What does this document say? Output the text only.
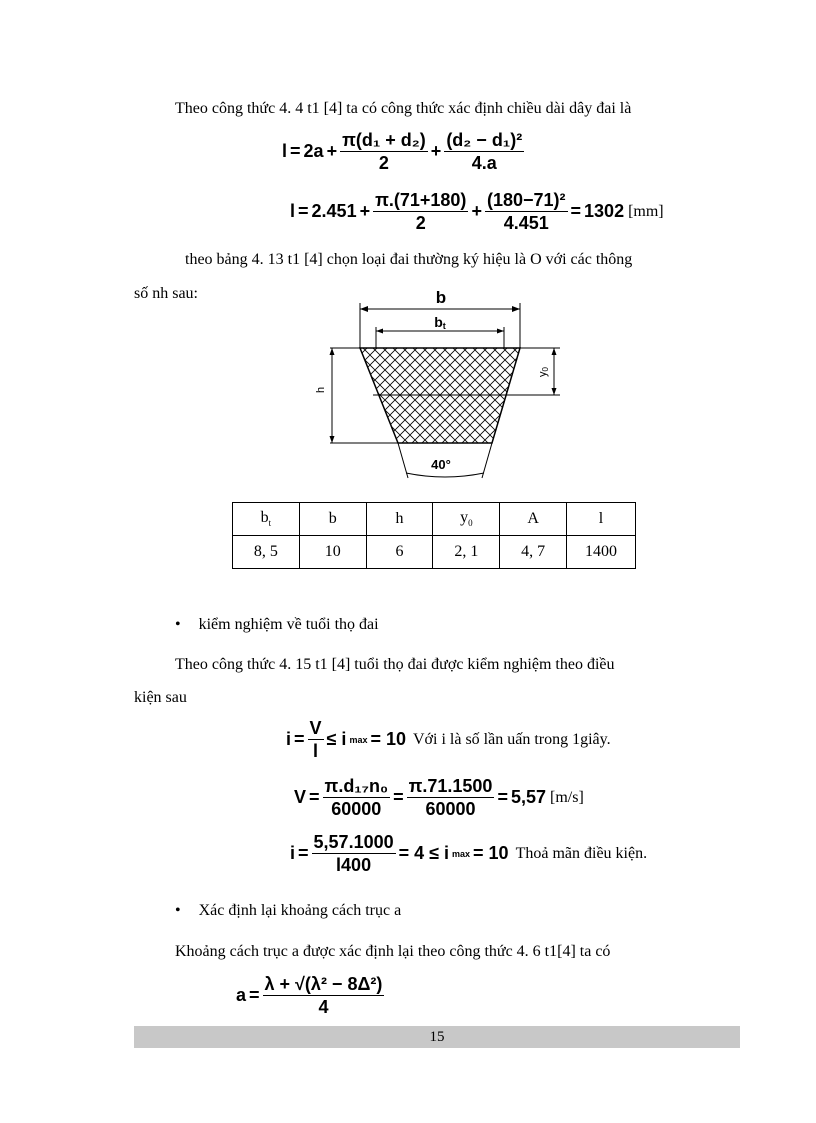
Theo công thức 4. 4 t1 [4] ta có công thức xác định chiều dài dây đai là
$l = 2a + \frac{\text{π(d₁ + d₂)}}{2} + \frac{\text{(d₂ − d₁)²}}{4.a}$
$l = 2.451 + \frac{\pi.(71+180)}{2} + \frac{\text{(180−71)²}}{4.451} = 1302$ [mm]
theo bảng 4. 13 t1 [4] chọn loại đai thường ký hiệu là O với các thông
số nh sau:	b
bt
h
y0
40°
$b_t$	b	h	$y_0$	A	l
8, 5	10	6	2, 1	4, 7	1400
• kiểm nghiệm về tuổi thọ đai
Theo công thức 4. 15 t1 [4] tuổi thọ đai được kiểm nghiệm theo điều
kiện sau
$i = \frac{V}{l} \le i$ max = 10 Với i là số lần uấn trong 1giây.
$V = \frac{\text{π.d₁₇n₀}}{60000} = \frac{\pi.71.1500}{60000} = 5,57$ [m/s]
$i = \frac{5,57.1000}{l400} = 4 \le i$ max = 10 Thoả mãn điều kiện.
• Xác định lại khoảng cách trục a
Khoảng cách trục a được xác định lại theo công thức 4. 6 t1[4] ta có
$a = \frac{\text{λ + √(λ² − 8Δ²)}}{4}$
15
